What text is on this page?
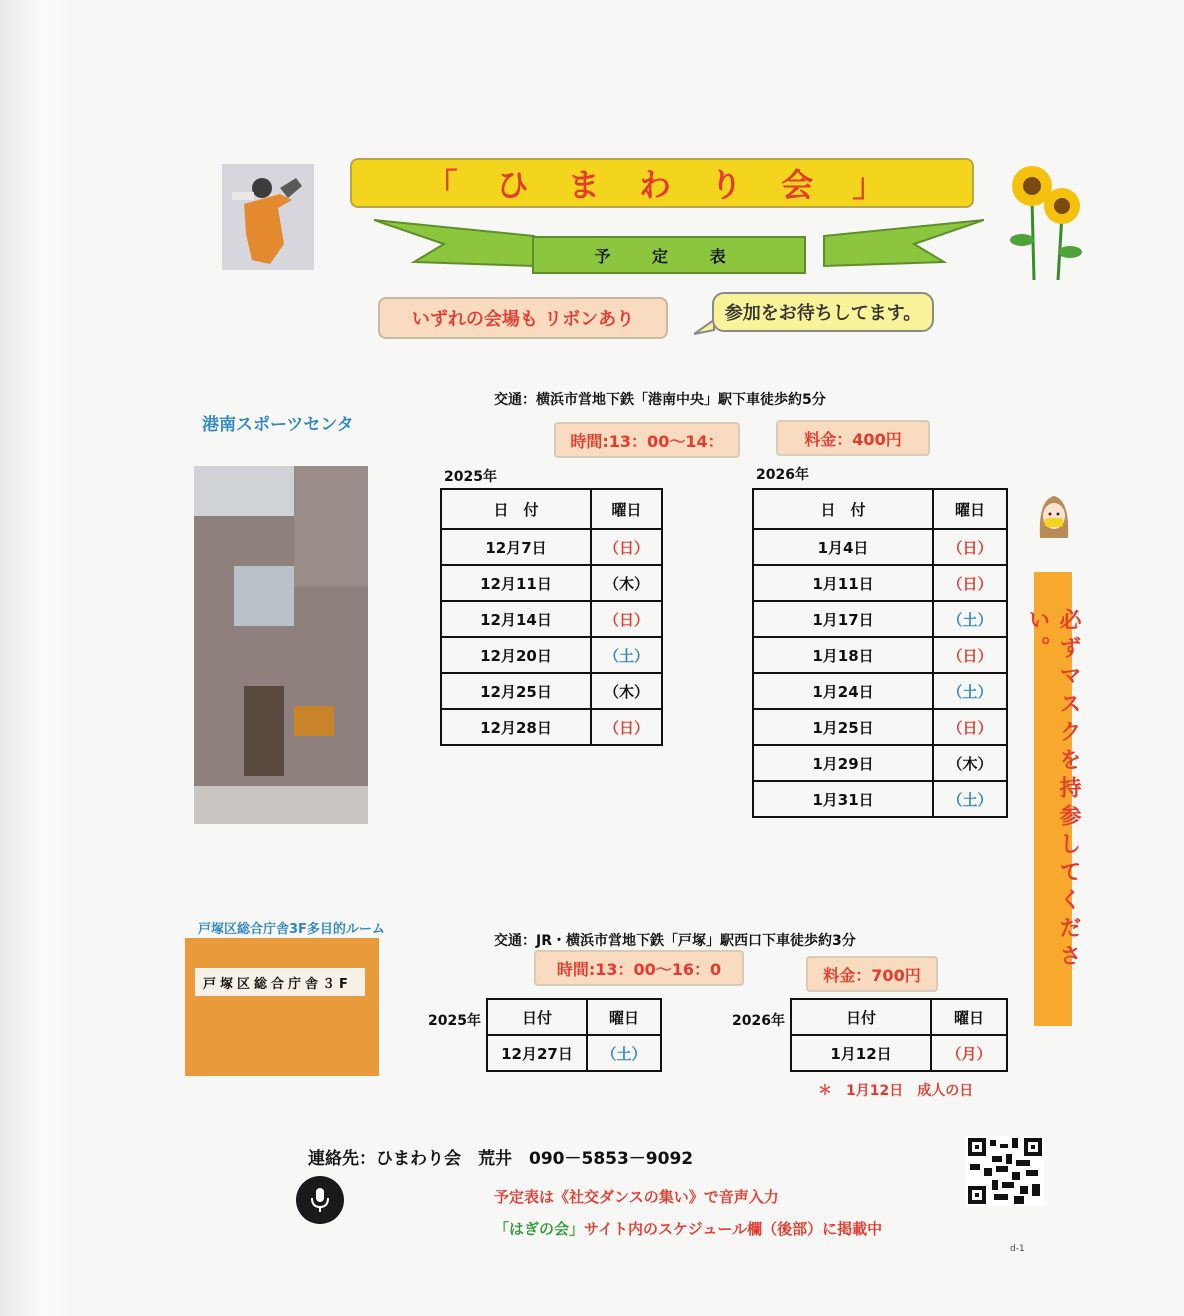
「 ひ ま わ り 会 」
予 定 表
いずれの会場も リボンあり	参加をお待ちしてます。
港南スポーツセンタ
交通：横浜市営地下鉄「港南中央」駅下車徒歩約5分
時間:13：00～14：	料金：400円
2025年
日　付	曜日
12月7日	（日）
12月11日	（木）
12月14日	（日）
12月20日	（土）
12月25日	（木）
12月28日	（日）
2026年
日　付	曜日
1月4日	（日）
1月11日	（日）
1月17日	（土）
1月18日	（日）
1月24日	（土）
1月25日	（日）
1月29日	（木）
1月31日	（土）	必ずマスクを持参してください。
戸塚区総合庁舎3F多目的ルーム
戸塚区総合庁舎３F
交通：JR・横浜市営地下鉄「戸塚」駅西口下車徒歩約3分
時間:13：00～16：0	料金：700円
2025年	日付	曜日
12月27日	（土）
2026年	日付	曜日
1月12日	（月）
＊　1月12日　成人の日
連絡先：ひまわり会　荒井　090－5853－9092
予定表は《社交ダンスの集い》で音声入力
「はぎの会」サイト内のスケジュール欄（後部）に掲載中
d-1
